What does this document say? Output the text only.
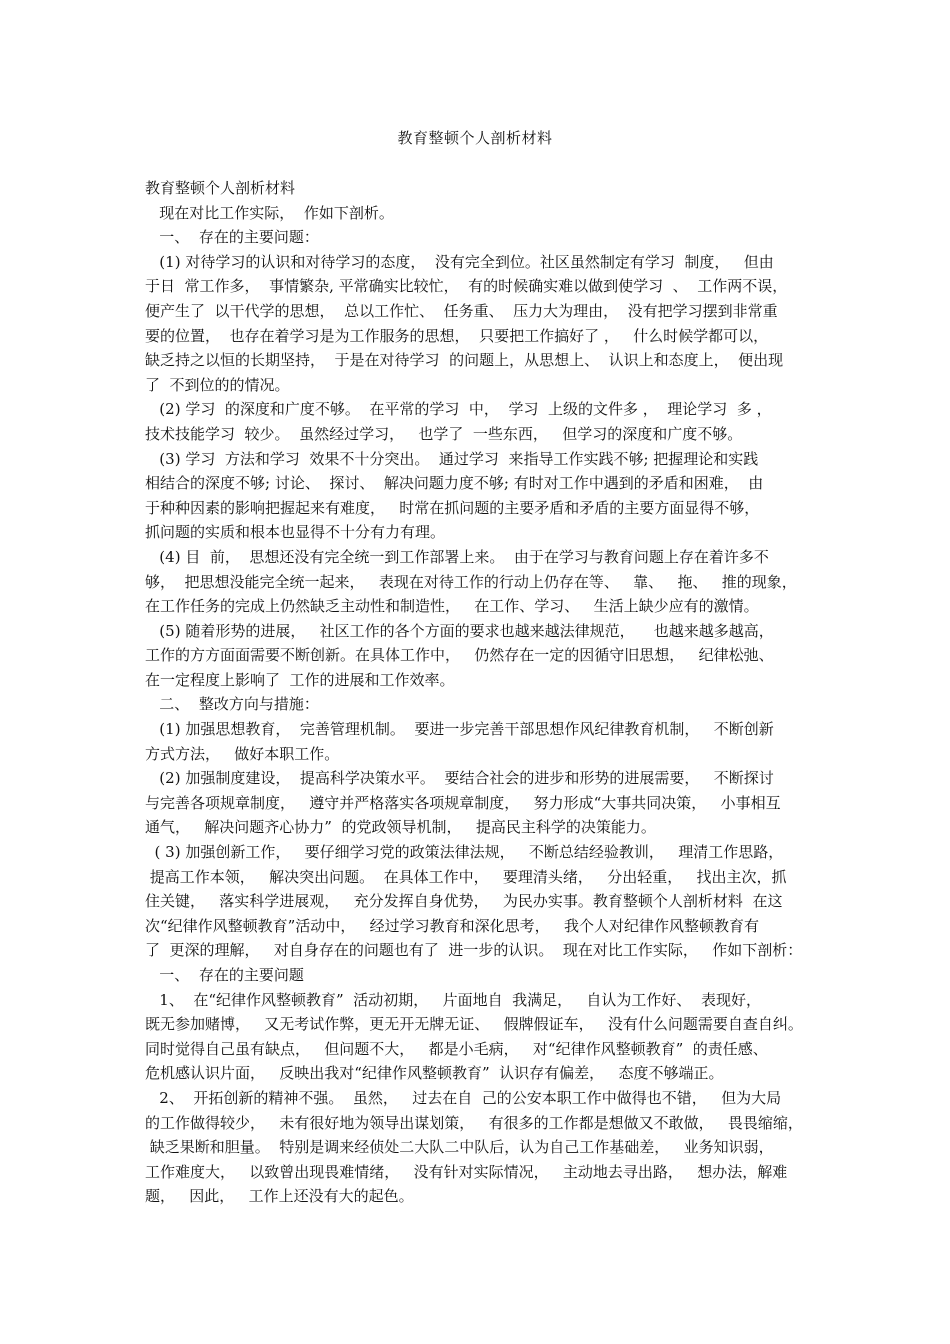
教育整顿个人剖析材料
教育整顿个人剖析材料
现在对比工作实际，  作如下剖析。
一、  存在的主要问题：
(1) 对待学习的认识和对待学习的态度，  没有完全到位。社区虽然制定有学习  制度，   但由
于日  常工作多，  事情繁杂, 平常确实比较忙，  有的时候确实难以做到使学习  、  工作两不误，
便产生了  以干代学的思想，  总以工作忙、  任务重、  压力大为理由，  没有把学习摆到非常重
要的位置，  也存在着学习是为工作服务的思想，  只要把工作搞好了 ，   什么时候学都可以，
缺乏持之以恒的长期坚持，  于是在对待学习  的问题上，从思想上、  认识上和态度上，  便出现
了  不到位的的情况。
(2) 学习  的深度和广度不够。  在平常的学习  中，  学习  上级的文件多 ，  理论学习  多 ，
技术技能学习  较少。  虽然经过学习，   也学了  一些东西，   但学习的深度和广度不够。
(3) 学习  方法和学习  效果不十分突出。  通过学习  来指导工作实践不够; 把握理论和实践
相结合的深度不够; 讨论、  探讨、  解决问题力度不够; 有时对工作中遇到的矛盾和困难，  由
于种种因素的影响把握起来有难度，   时常在抓问题的主要矛盾和矛盾的主要方面显得不够，
抓问题的实质和根本也显得不十分有力有理。
(4) 目  前，  思想还没有完全统一到工作部署上来。  由于在学习与教育问题上存在着许多不
够，  把思想没能完全统一起来，   表现在对待工作的行动上仍存在等、   靠、   拖、   推的现象，
在工作任务的完成上仍然缺乏主动性和制造性，   在工作、学习、   生活上缺少应有的激情。
(5) 随着形势的进展，   社区工作的各个方面的要求也越来越法律规范，    也越来越多越高，
工作的方方面面需要不断创新。在具体工作中，   仍然存在一定的因循守旧思想，   纪律松弛、
在一定程度上影响了  工作的进展和工作效率。
二、  整改方向与措施：
(1) 加强思想教育，  完善管理机制。  要进一步完善干部思想作风纪律教育机制，   不断创新
方式方法，   做好本职工作。
(2) 加强制度建设，  提高科学决策水平。  要结合社会的进步和形势的进展需要，   不断探讨
与完善各项规章制度，   遵守并严格落实各项规章制度，   努力形成“大事共同决策，   小事相互
通气，   解决问题齐心协力”  的党政领导机制，   提高民主科学的决策能力。
( 3) 加强创新工作，   要仔细学习党的政策法律法规，   不断总结经验教训，   理清工作思路，
提高工作本领，   解决突出问题。  在具体工作中，   要理清头绪，   分出轻重，   找出主次，抓
住关键，   落实科学进展观，   充分发挥自身优势，   为民办实事。教育整顿个人剖析材料  在这
次“纪律作风整顿教育”活动中，   经过学习教育和深化思考，   我个人对纪律作风整顿教育有
了  更深的理解，   对自身存在的问题也有了  进一步的认识。  现在对比工作实际，   作如下剖析：
一、  存在的主要问题
1、  在“纪律作风整顿教育”  活动初期，   片面地自  我满足，   自认为工作好、  表现好，
既无参加赌博，   又无考试作弊，更无开无牌无证、   假牌假证车，   没有什么问题需要自查自纠。
同时觉得自己虽有缺点，   但问题不大，   都是小毛病，   对“纪律作风整顿教育”  的责任感、
危机感认识片面，   反映出我对“纪律作风整顿教育”  认识存有偏差，   态度不够端正。
2、  开拓创新的精神不强。  虽然，   过去在自  己的公安本职工作中做得也不错，   但为大局
的工作做得较少，   未有很好地为领导出谋划策，   有很多的工作都是想做又不敢做，   畏畏缩缩，
缺乏果断和胆量。  特别是调来经侦处二大队二中队后，认为自己工作基础差，   业务知识弱，
工作难度大，   以致曾出现畏难情绪，   没有针对实际情况，   主动地去寻出路，   想办法，解难
题，   因此，   工作上还没有大的起色。
